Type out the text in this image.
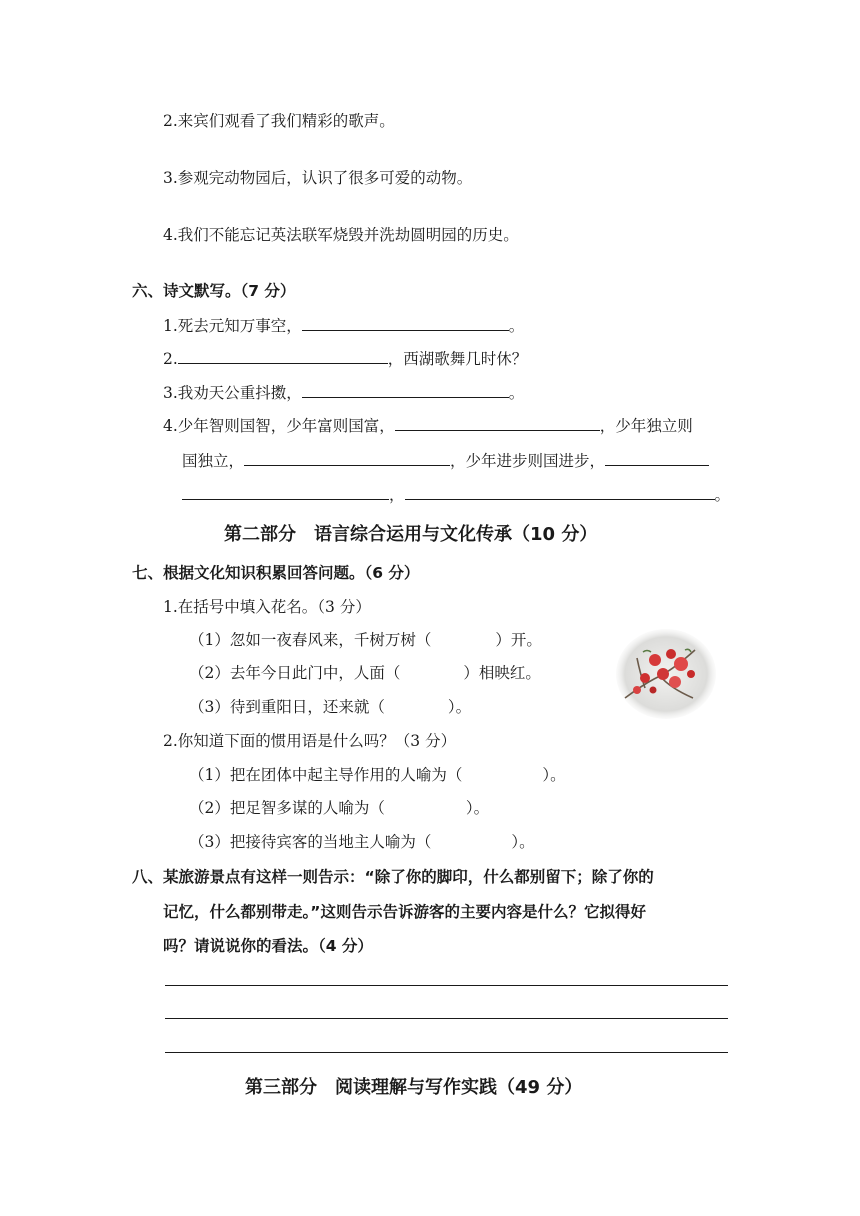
2.来宾们观看了我们精彩的歌声。
3.参观完动物园后，认识了很多可爱的动物。
4.我们不能忘记英法联军烧毁并洗劫圆明园的历史。
六、诗文默写。（7 分）
1.死去元知万事空，	。
2.	，西湖歌舞几时休？
3.我劝天公重抖擞，	。
4.少年智则国智，少年富则国富，	，少年独立则
国独立，	，少年进步则国进步，
，	。
第二部分　语言综合运用与文化传承（10 分）
七、根据文化知识积累回答问题。（6 分）
1.在括号中填入花名。（3 分）
（1）忽如一夜春风来，千树万树（	）开。
（2）去年今日此门中，人面（	）相映红。
（3）待到重阳日，还来就（	）。
2.你知道下面的惯用语是什么吗？（3 分）
（1）把在团体中起主导作用的人喻为（	）。
（2）把足智多谋的人喻为（	）。
（3）把接待宾客的当地主人喻为（	）。
八、某旅游景点有这样一则告示：“除了你的脚印，什么都别留下；除了你的
记忆，什么都别带走。”这则告示告诉游客的主要内容是什么？它拟得好
吗？请说说你的看法。（4 分）
第三部分　阅读理解与写作实践（49 分）
